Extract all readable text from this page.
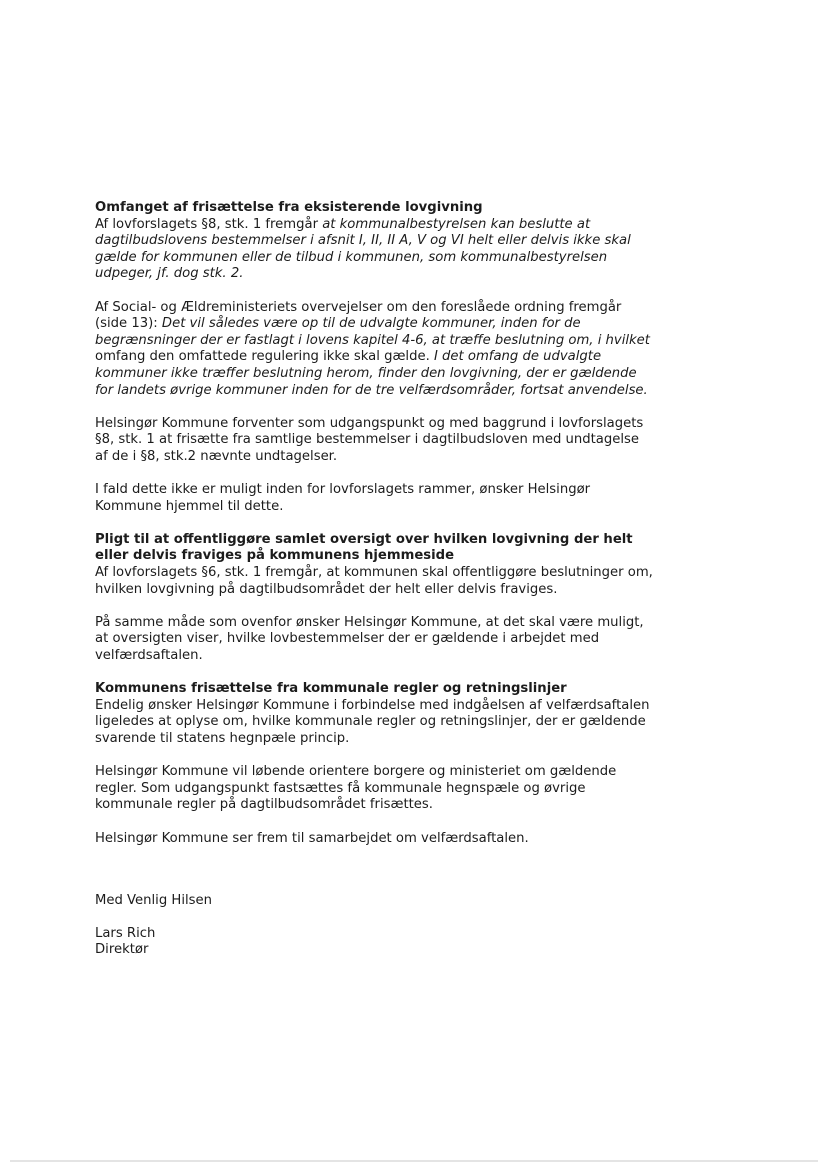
Omfanget af frisættelse fra eksisterende lovgivning

Af lovforslagets §8, stk. 1 fremgår at kommunalbestyrelsen kan beslutte at dagtilbudslovens bestemmelser i afsnit I, II, II A, V og VI helt eller delvis ikke skal gælde for kommunen eller de tilbud i kommunen, som kommunalbestyrelsen udpeger, jf. dog stk. 2.

Af Social- og Ældreministeriets overvejelser om den foreslåede ordning fremgår (side 13): Det vil således være op til de udvalgte kommuner, inden for de begrænsninger der er fastlagt i lovens kapitel 4-6, at træffe beslutning om, i hvilket omfang den omfattede regulering ikke skal gælde. I det omfang de udvalgte kommuner ikke træffer beslutning herom, finder den lovgivning, der er gældende for landets øvrige kommuner inden for de tre velfærdsområder, fortsat anvendelse.

Helsingør Kommune forventer som udgangspunkt og med baggrund i lovforslagets §8, stk. 1 at frisætte fra samtlige bestemmelser i dagtilbudsloven med undtagelse af de i §8, stk.2 nævnte undtagelser.

I fald dette ikke er muligt inden for lovforslagets rammer, ønsker Helsingør Kommune hjemmel til dette.

Pligt til at offentliggøre samlet oversigt over hvilken lovgivning der helt eller delvis fraviges på kommunens hjemmeside

Af lovforslagets §6, stk. 1 fremgår, at kommunen skal offentliggøre beslutninger om, hvilken lovgivning på dagtilbudsområdet der helt eller delvis fraviges.

På samme måde som ovenfor ønsker Helsingør Kommune, at det skal være muligt, at oversigten viser, hvilke lovbestemmelser der er gældende i arbejdet med velfærdsaftalen.

Kommunens frisættelse fra kommunale regler og retningslinjer

Endelig ønsker Helsingør Kommune i forbindelse med indgåelsen af velfærdsaftalen ligeledes at oplyse om, hvilke kommunale regler og retningslinjer, der er gældende svarende til statens hegnpæle princip.

Helsingør Kommune vil løbende orientere borgere og ministeriet om gældende regler. Som udgangspunkt fastsættes få kommunale hegnspæle og øvrige kommunale regler på dagtilbudsområdet frisættes.

Helsingør Kommune ser frem til samarbejdet om velfærdsaftalen.

Med Venlig Hilsen
Lars Rich
Direktør
